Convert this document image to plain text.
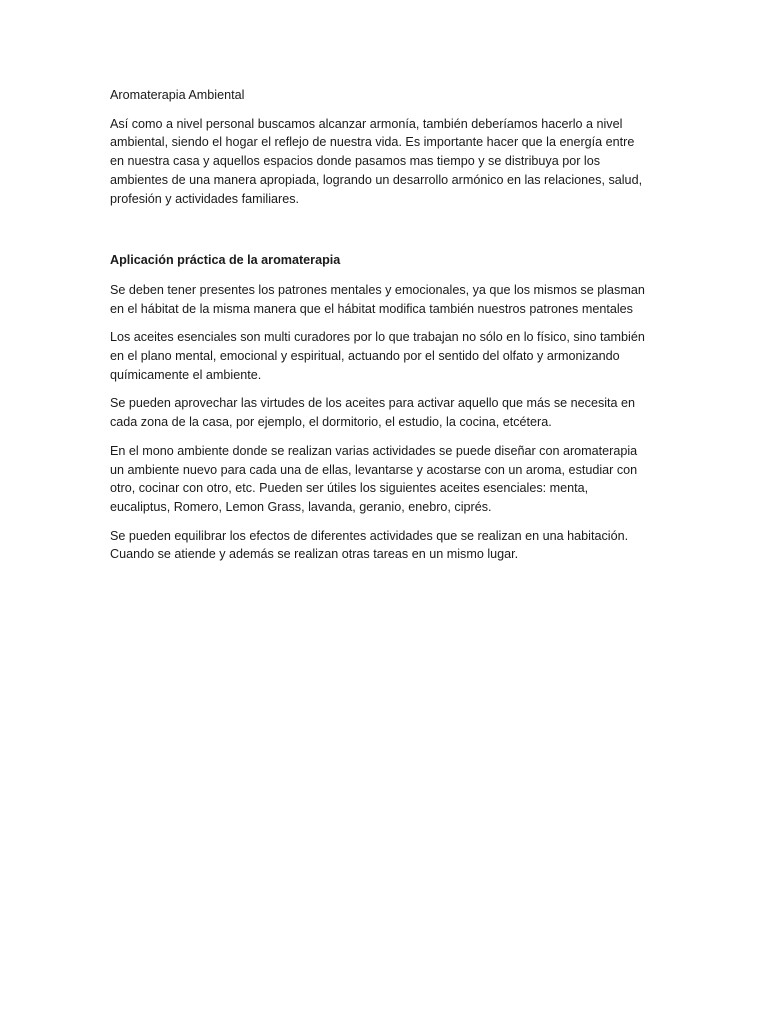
Aromaterapia Ambiental

Así como a nivel personal buscamos alcanzar armonía, también deberíamos hacerlo a nivel
ambiental, siendo el hogar el reflejo de nuestra vida. Es importante hacer que la energía entre
en nuestra casa y aquellos espacios donde pasamos mas tiempo y se distribuya por los
ambientes de una manera apropiada, logrando un desarrollo armónico en las relaciones, salud,
profesión y actividades familiares.

Aplicación práctica de la aromaterapia

Se deben tener presentes los patrones mentales y emocionales, ya que los mismos se plasman
en el hábitat de la misma manera que el hábitat modifica también nuestros patrones mentales

Los aceites esenciales son multi curadores por lo que trabajan no sólo en lo físico, sino también
en el plano mental, emocional y espiritual, actuando por el sentido del olfato y armonizando
químicamente el ambiente.

Se pueden aprovechar las virtudes de los aceites para activar aquello que más se necesita en
cada zona de la casa, por ejemplo, el dormitorio, el estudio, la cocina, etcétera.

En el mono ambiente donde se realizan varias actividades se puede diseñar con aromaterapia
un ambiente nuevo para cada una de ellas, levantarse y acostarse con un aroma, estudiar con
otro, cocinar con otro, etc. Pueden ser útiles los siguientes aceites esenciales: menta,
eucaliptus, Romero, Lemon Grass, lavanda, geranio, enebro, ciprés.

Se pueden equilibrar los efectos de diferentes actividades que se realizan en una habitación.
Cuando se atiende y además se realizan otras tareas en un mismo lugar.
